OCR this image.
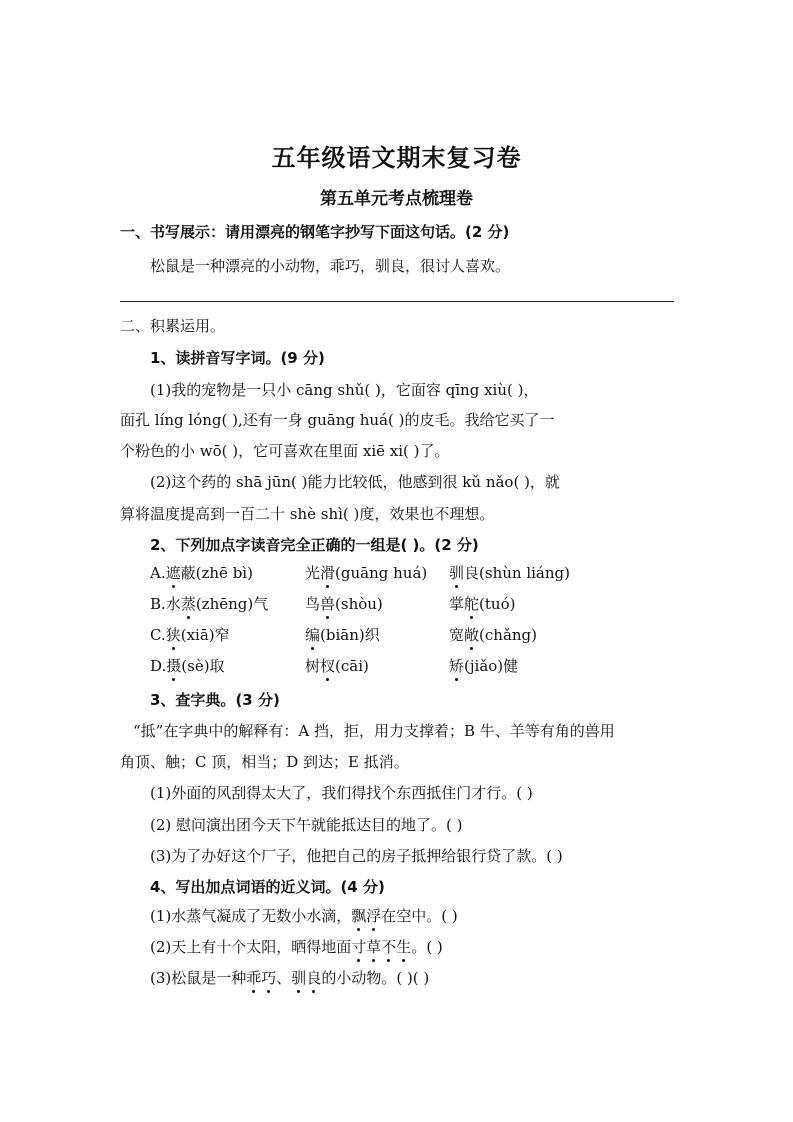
五年级语文期末复习卷
第五单元考点梳理卷
一、书写展示：请用漂亮的钢笔字抄写下面这句话。(2 分)
松鼠是一种漂亮的小动物，乖巧，驯良，很讨人喜欢。
二、积累运用。
1、读拼音写字词。(9 分)
(1)我的宠物是一只小 cāng shǔ( )，它面容 qīng xiù( )，
面孔 líng lóng( ),还有一身 guāng huá( )的皮毛。我给它买了一
个粉色的小 wō( )，它可喜欢在里面 xiē xi( )了。
(2)这个药的 shā jūn( )能力比较低，他感到很 kǔ nǎo( )，就
算将温度提高到一百二十 shè shì( )度，效果也不理想。
2、下列加点字读音完全正确的一组是( )。(2 分)
A.遮蔽(zhē bì)	光滑(guāng huá) 驯良(shùn liáng)
B.水蒸(zhēng)气 鸟兽(shòu)	掌舵(tuó)
C.狭(xiā)窄	编(biān)织	宽敞(chǎng)
D.摄(sè)取	树杈(cāi)	矫(jiǎo)健
3、查字典。(3 分)
“抵”在字典中的解释有：A 挡，拒，用力支撑着；B 牛、羊等有角的兽用
角顶、触；C 顶，相当；D 到达；E 抵消。
(1)外面的风刮得太大了，我们得找个东西抵住门才行。( )
(2) 慰问演出团今天下午就能抵达目的地了。( )
(3)为了办好这个厂子，他把自己的房子抵押给银行贷了款。( )
4、写出加点词语的近义词。(4 分)
(1)水蒸气凝成了无数小水滴，飘浮在空中。( )
(2)天上有十个太阳，晒得地面寸草不生。( )
(3)松鼠是一种乖巧、驯良的小动物。( )( )
